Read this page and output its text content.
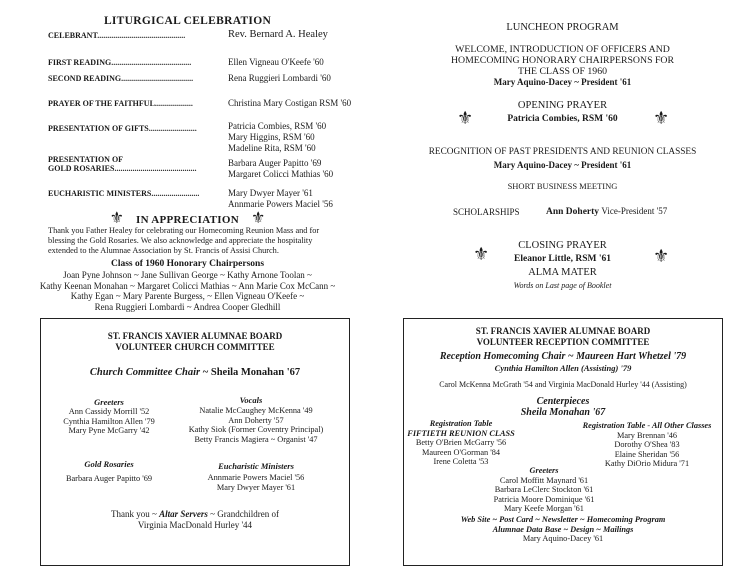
LITURGICAL CELEBRATION
CELEBRANT............................................	Rev. Bernard A. Healey
FIRST READING........................................	Ellen Vigneau O'Keefe '60
SECOND READING....................................	Rena Ruggieri Lombardi '60
PRAYER OF THE FAITHFUL...................	Christina Mary Costigan RSM '60
PRESENTATION OF GIFTS........................	Patricia Combies, RSM '60
Mary Higgins, RSM '60
Madeline Rita, RSM '60
PRESENTATION OF
GOLD ROSARIES.........................................
Barbara Auger Papitto '69
Margaret Colicci Mathias '60
EUCHARISTIC MINISTERS........................	Mary Dwyer Mayer '61
Annmarie Powers Maciel '56
⚜ IN APPRECIATION ⚜
Thank you Father Healey for celebrating our Homecoming Reunion Mass and for
blessing the Gold Rosaries. We also acknowledge and appreciate the hospitality
extended to the Alumnae Association by St. Francis of Assisi Church.
Class of 1960 Honorary Chairpersons
Joan Pyne Johnson ~ Jane Sullivan George ~ Kathy Arnone Toolan ~
Kathy Keenan Monahan ~ Margaret Colicci Mathias ~ Ann Marie Cox McCann ~
Kathy Egan ~ Mary Parente Burgess, ~ Ellen Vigneau O'Keefe ~
Rena Ruggieri Lombardi ~ Andrea Cooper Gledhill
ST. FRANCIS XAVIER ALUMNAE BOARD
VOLUNTEER CHURCH COMMITTEE
Church Committee Chair ~ Sheila Monahan '67
Greeters
Ann Cassidy Morrill '52
Cynthia Hamilton Allen '79
Mary Pyne McGarry '42
Vocals
Natalie McCaughey McKenna '49
Ann Doherty '57
Kathy Siok (Former Coventry Principal)
Betty Francis Magiera ~ Organist '47
Gold Rosaries
Barbara Auger Papitto '69
Eucharistic Ministers
Annmarie Powers Maciel '56
Mary Dwyer Mayer '61
Thank you ~ Altar Servers ~ Grandchildren of
Virginia MacDonald Hurley '44
LUNCHEON PROGRAM
WELCOME, INTRODUCTION OF OFFICERS AND
HOMECOMING HONORARY CHAIRPERSONS FOR
THE CLASS OF 1960
Mary Aquino-Dacey ~ President '61
OPENING PRAYER
⚜	Patricia Combies, RSM '60	⚜
RECOGNITION OF PAST PRESIDENTS AND REUNION CLASSES
Mary Aquino-Dacey ~ President '61
SHORT BUSINESS MEETING
SCHOLARSHIPS	Ann Doherty Vice-President '57
CLOSING PRAYER
⚜	Eleanor Little, RSM '61	⚜
ALMA MATER
Words on Last page of Booklet
ST. FRANCIS XAVIER ALUMNAE BOARD
VOLUNTEER RECEPTION COMMITTEE
Reception Homecoming Chair ~ Maureen Hart Whetzel '79
Cynthia Hamilton Allen (Assisting) '79
Carol McKenna McGrath '54 and Virginia MacDonald Hurley '44 (Assisting)
Centerpieces
Sheila Monahan '67
Registration Table
FIFTIETH REUNION CLASS
Betty O'Brien McGarry '56
Maureen O'Gorman '84
Irene Coletta '53
Registration Table - All Other Classes
Mary Brennan '46
Dorothy O'Shea '83
Elaine Sheridan '56
Kathy DiOrio Midura '71
Greeters
Carol Moffitt Maynard '61
Barbara LeClerc Stockton '61
Patricia Moore Dominique '61
Mary Keefe Morgan '61
Web Site ~ Post Card ~ Newsletter ~ Homecoming Program
Alumnae Data Base ~ Design ~ Mailings
Mary Aquino-Dacey '61
